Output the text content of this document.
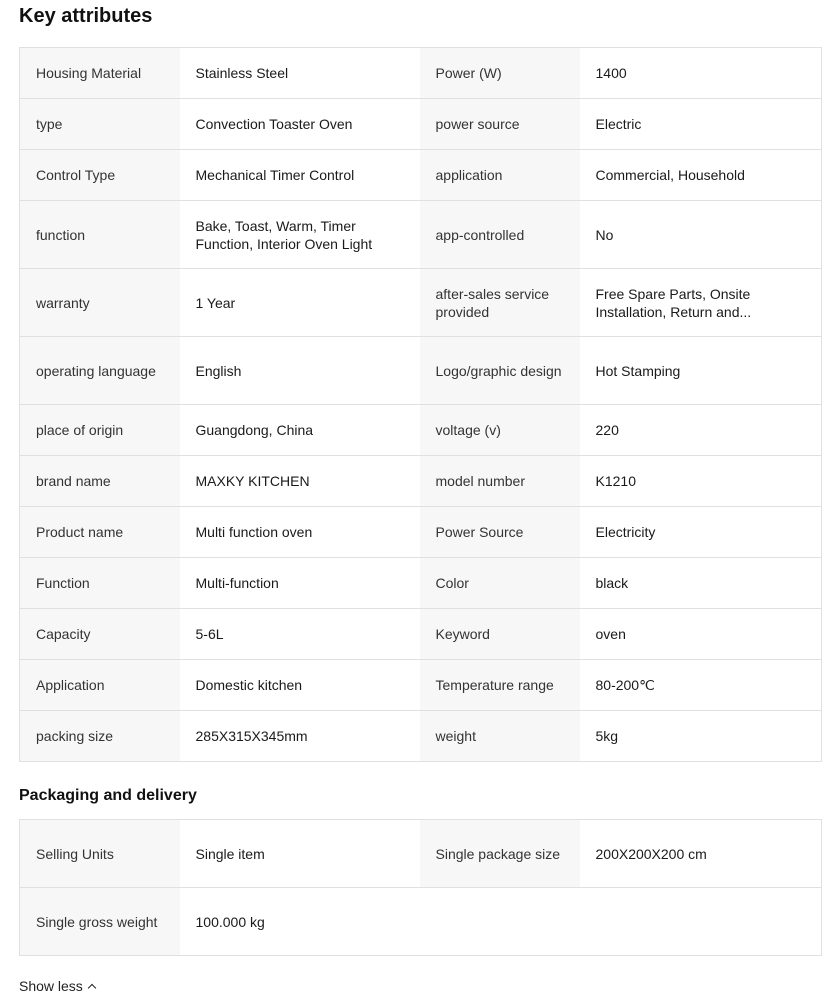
Key attributes
Housing Material	Stainless Steel	Power (W)	1400
type	Convection Toaster Oven	power source	Electric
Control Type	Mechanical Timer Control	application	Commercial, Household
function	Bake, Toast, Warm, Timer Function, Interior Oven Light	app-controlled	No
warranty	1 Year	after-sales service provided	Free Spare Parts, Onsite Installation, Return and...

operating language	English	Logo/graphic design	Hot Stamping
place of origin	Guangdong, China	voltage (v)	220
brand name	MAXKY KITCHEN	model number	K1210
Product name	Multi function oven	Power Source	Electricity
Function	Multi-function	Color	black
Capacity	5-6L	Keyword	oven
Application	Domestic kitchen	Temperature range	80-200℃
packing size	285X315X345mm	weight	5kg
Packaging and delivery
Selling Units	Single item	Single package size	200X200X200 cm

Single gross weight	100.000 kg		
Show less
